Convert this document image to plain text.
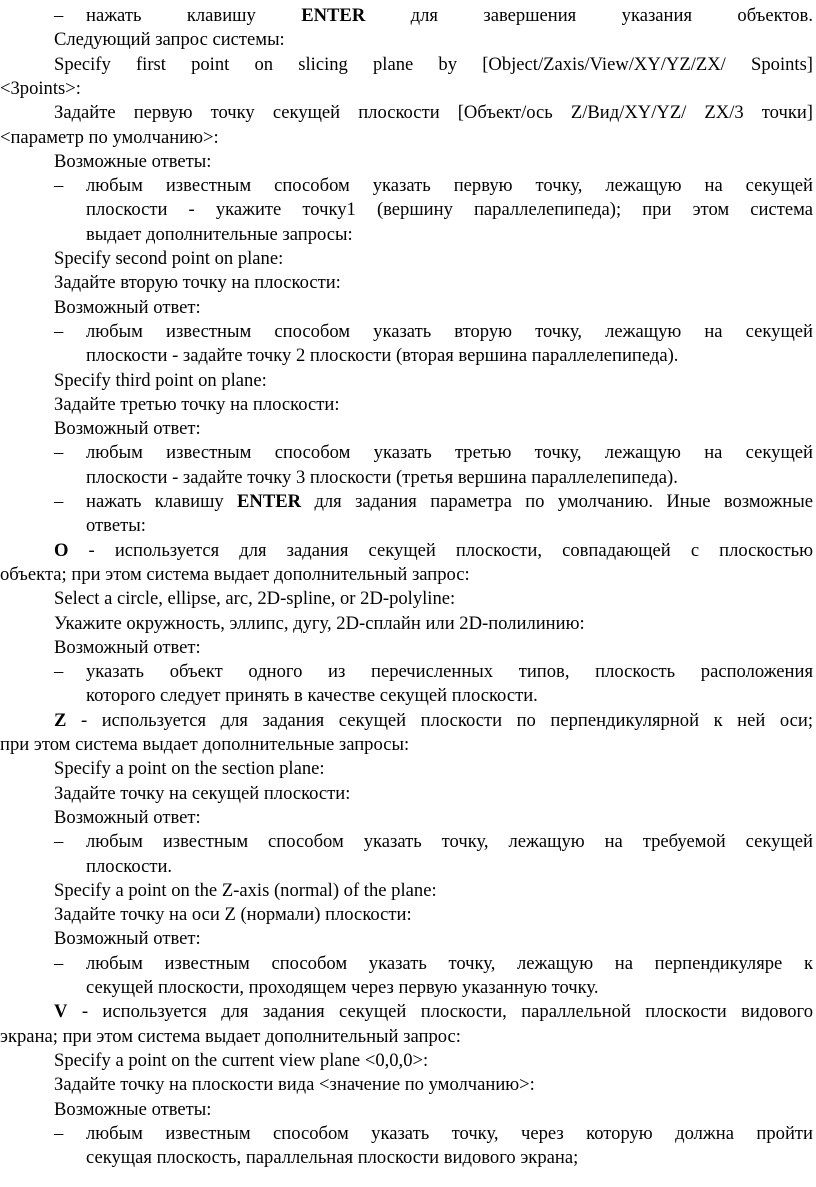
– нажать клавишу ENTER для завершения указания объектов.
Следующий запрос системы:
Specify first point on slicing plane by [Object/Zaxis/View/XY/YZ/ZX/ Spoints]
<3points>:
Задайте первую точку секущей плоскости [Объект/ось Z/Вид/XY/YZ/ ZX/3 точки]
<параметр по умолчанию>:
Возможные ответы:
– любым известным способом указать первую точку, лежащую на секущей
плоскости - укажите точку1 (вершину параллелепипеда); при этом система
выдает дополнительные запросы:
Specify second point on plane:
Задайте вторую точку на плоскости:
Возможный ответ:
– любым известным способом указать вторую точку, лежащую на секущей
плоскости - задайте точку 2 плоскости (вторая вершина параллелепипеда).
Specify third point on plane:
Задайте третью точку на плоскости:
Возможный ответ:
– любым известным способом указать третью точку, лежащую на секущей
плоскости - задайте точку 3 плоскости (третья вершина параллелепипеда).
– нажать клавишу ENTER для задания параметра по умолчанию. Иные возможные
ответы:
О - используется для задания секущей плоскости, совпадающей с плоскостью
объекта; при этом система выдает дополнительный запрос:
Select a circle, ellipse, arc, 2D-spline, or 2D-polyline:
Укажите окружность, эллипс, дугу, 2D-сплайн или 2D-полилинию:
Возможный ответ:
– указать объект одного из перечисленных типов, плоскость расположения
которого следует принять в качестве секущей плоскости.
Z - используется для задания секущей плоскости по перпендикулярной к ней оси;
при этом система выдает дополнительные запросы:
Specify a point on the section plane:
Задайте точку на секущей плоскости:
Возможный ответ:
– любым известным способом указать точку, лежащую на требуемой секущей
плоскости.
Specify a point on the Z-axis (normal) of the plane:
Задайте точку на оси Z (нормали) плоскости:
Возможный ответ:
– любым известным способом указать точку, лежащую на перпендикуляре к
секущей плоскости, проходящем через первую указанную точку.
V - используется для задания секущей плоскости, параллельной плоскости видового
экрана; при этом система выдает дополнительный запрос:
Specify a point on the current view plane <0,0,0>:
Задайте точку на плоскости вида <значение по умолчанию>:
Возможные ответы:
– любым известным способом указать точку, через которую должна пройти
секущая плоскость, параллельная плоскости видового экрана;
